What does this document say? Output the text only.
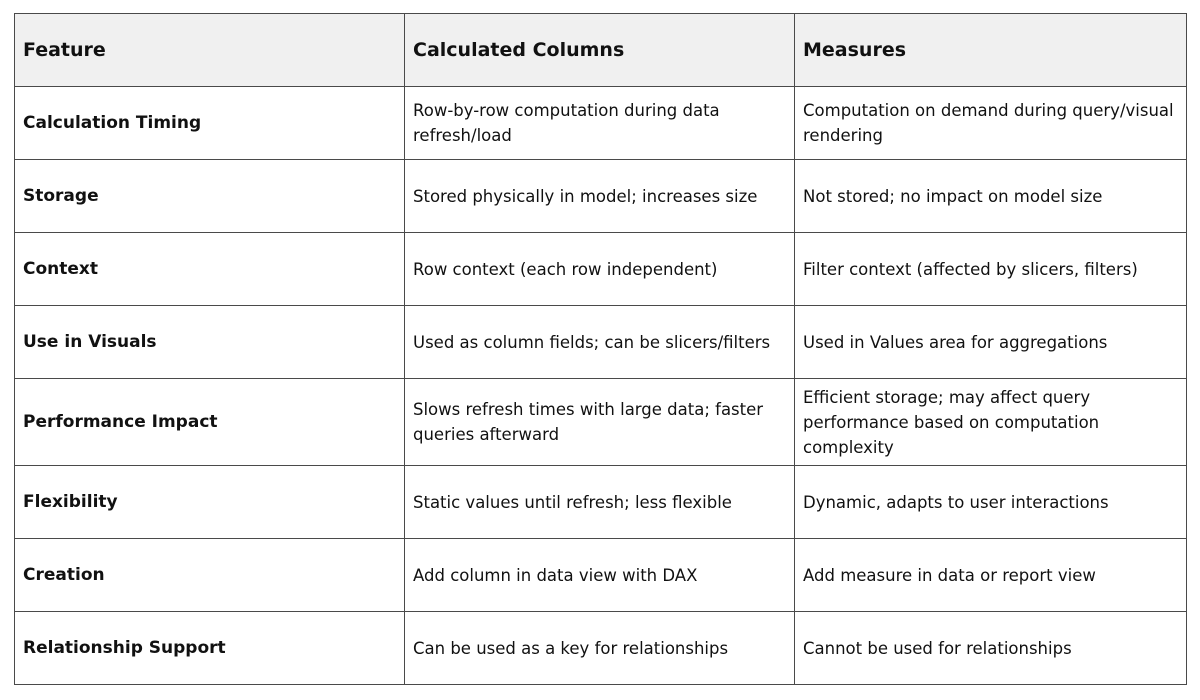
Feature	Calculated Columns	Measures
Calculation Timing	Row-by-row computation during data refresh/load	Computation on demand during query/visual rendering
Storage	Stored physically in model; increases size	Not stored; no impact on model size
Context	Row context (each row independent)	Filter context (affected by slicers, filters)
Use in Visuals	Used as column fields; can be slicers/filters	Used in Values area for aggregations
Performance Impact	Slows refresh times with large data; faster queries afterward	Efficient storage; may affect query performance based on computation complexity
Flexibility	Static values until refresh; less flexible	Dynamic, adapts to user interactions
Creation	Add column in data view with DAX	Add measure in data or report view
Relationship Support	Can be used as a key for relationships	Cannot be used for relationships
